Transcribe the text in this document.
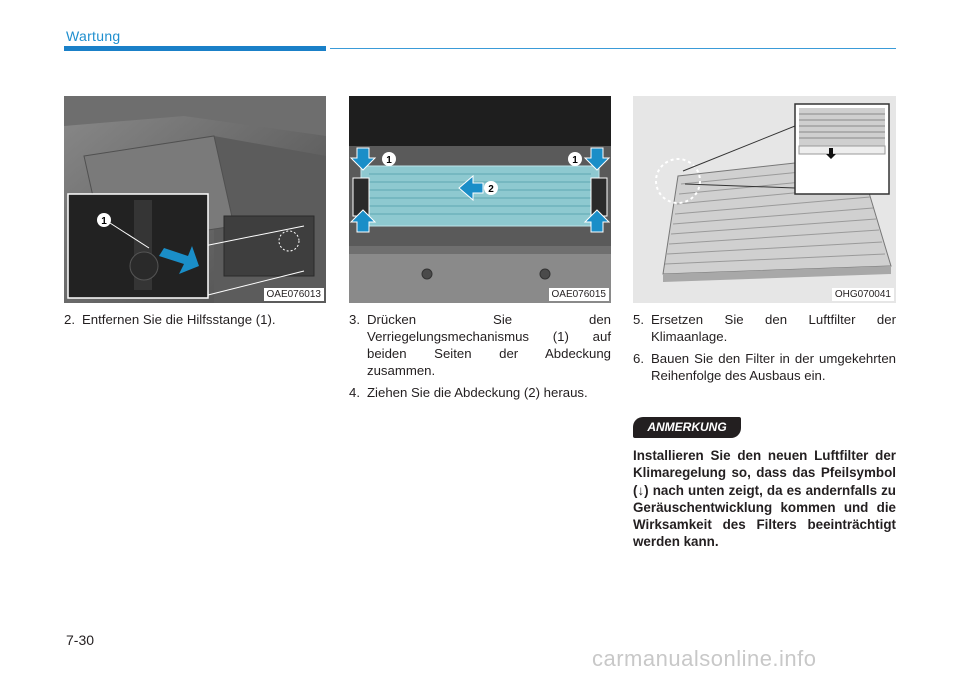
Wartung
1
OAE076013
1	1
2
OAE076015	OHG070041
2. Entfernen Sie die Hilfsstange (1).	3. Drücken Sie den Verriegelungsmechanismus (1) auf beiden Seiten der Abdeckung zusammen.
4. Ziehen Sie die Abdeckung (2) heraus.
5. Ersetzen Sie den Luftfilter der Klimaanlage.
6. Bauen Sie den Filter in der umgekehrten Reihenfolge des Ausbaus ein.
ANMERKUNG
Installieren Sie den neuen Luftfilter der Klimaregelung so, dass das Pfeilsymbol (↓) nach unten zeigt, da es andernfalls zu Geräuschentwicklung kommen und die Wirksamkeit des Filters beeinträchtigt werden kann.
7-30
carmanualsonline.info
